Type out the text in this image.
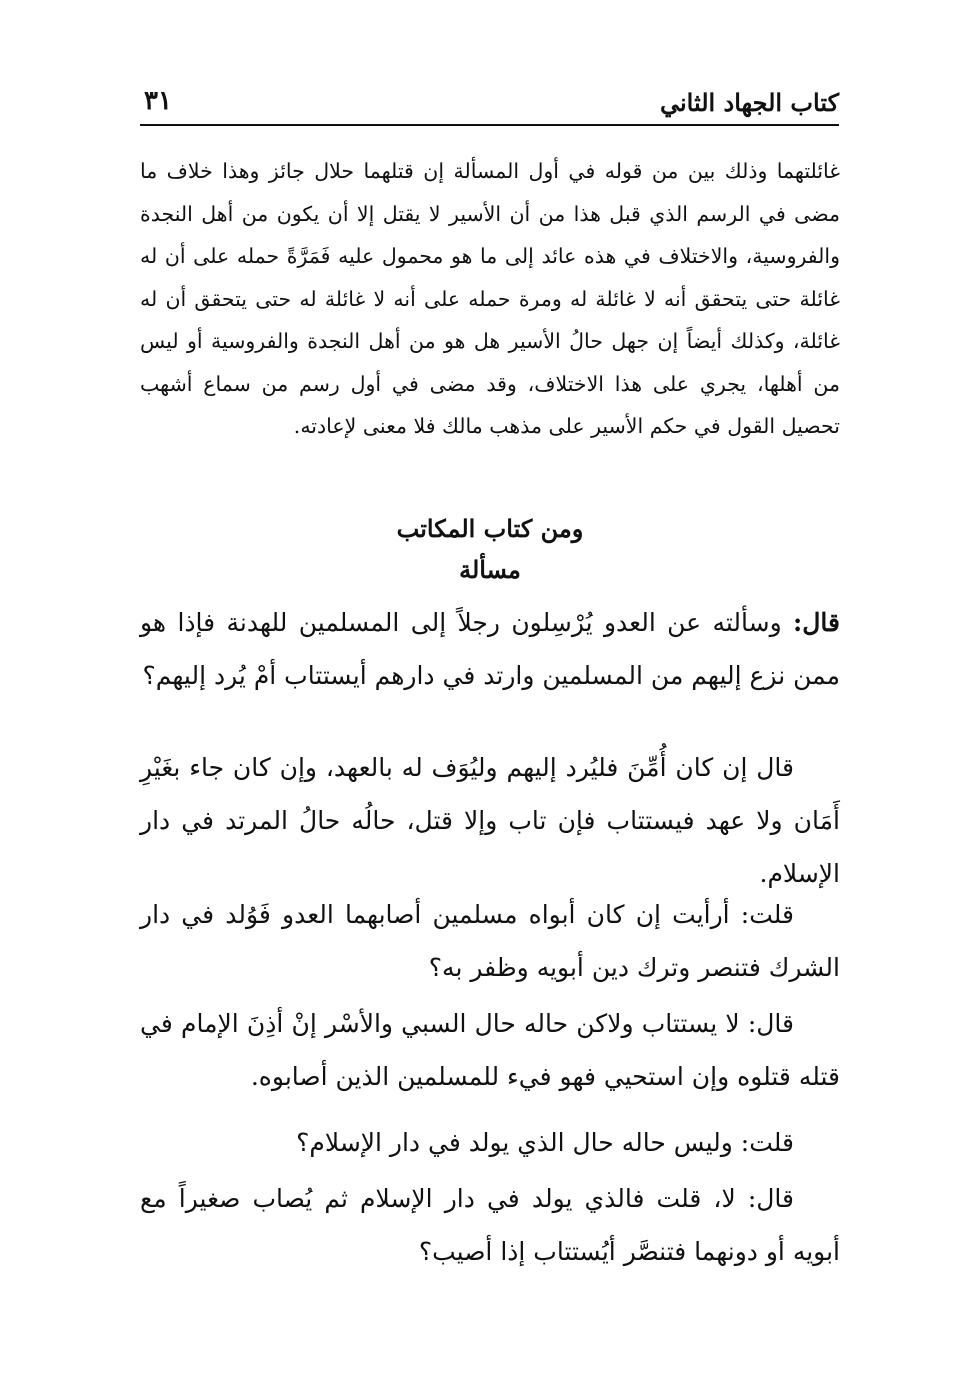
كتاب الجهاد الثاني
٣١

غائلتهما وذلك بين من قوله في أول المسألة إن قتلهما حلال جائز وهذا خلاف ما مضى في الرسم الذي قبل هذا من أن الأسير لا يقتل إلا أن يكون من أهل النجدة والفروسية، والاختلاف في هذه عائد إلى ما هو محمول عليه فَمَرَّةً حمله على أن له غائلة حتى يتحقق أنه لا غائلة له ومرة حمله على أنه لا غائلة له حتى يتحقق أن له غائلة، وكذلك أيضاً إن جهل حالُ الأسير هل هو من أهل النجدة والفروسية أو ليس من أهلها، يجري على هذا الاختلاف، وقد مضى في أول رسم من سماع أشهب تحصيل القول في حكم الأسير على مذهب مالك فلا معنى لإعادته.

ومن كتاب المكاتب
مسألة

قال: وسألته عن العدو يُرْسِلون رجلاً إلى المسلمين للهدنة فإذا هو ممن نزع إليهم من المسلمين وارتد في دارهم أيستتاب أمْ يُرد إليهم؟

قال إن كان أُمِّنَ فليُرد إليهم وليُوَف له بالعهد، وإن كان جاء بغَيْرِ أَمَان ولا عهد فيستتاب فإن تاب وإلا قتل، حالُه حالُ المرتد في دار الإسلام.

قلت: أرأيت إن كان أبواه مسلمين أصابهما العدو فَوُلد في دار الشرك فتنصر وترك دين أبويه وظفر به؟

قال: لا يستتاب ولاكن حاله حال السبي والأسْر إنْ أذِنَ الإمام في قتله قتلوه وإن استحيي فهو فيء للمسلمين الذين أصابوه.

قلت: وليس حاله حال الذي يولد في دار الإسلام؟

قال: لا، قلت فالذي يولد في دار الإسلام ثم يُصاب صغيراً مع أبويه أو دونهما فتنصَّر أيُستتاب إذا أصيب؟
